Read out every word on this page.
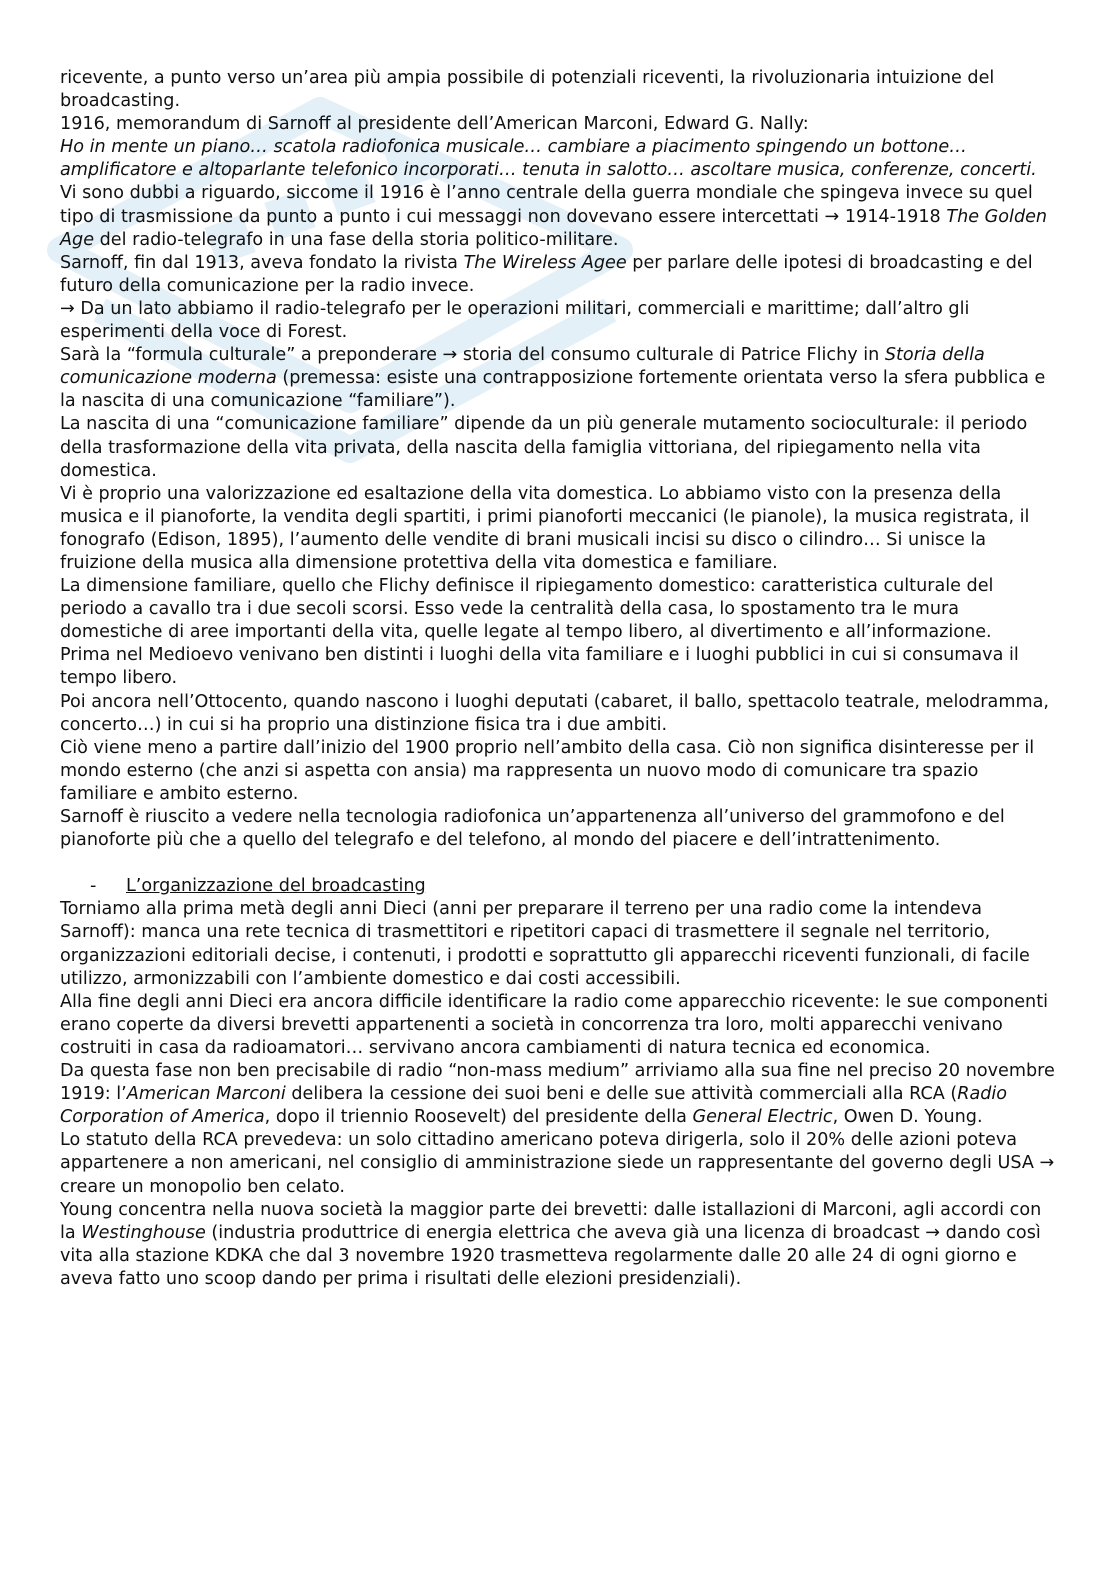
ricevente, a punto verso un’area più ampia possibile di potenziali riceventi, la rivoluzionaria intuizione del broadcasting.

1916, memorandum di Sarnoff al presidente dell’American Marconi, Edward G. Nally:

Ho in mente un piano… scatola radiofonica musicale… cambiare a piacimento spingendo un bottone… amplificatore e altoparlante telefonico incorporati… tenuta in salotto… ascoltare musica, conferenze, concerti.

Vi sono dubbi a riguardo, siccome il 1916 è l’anno centrale della guerra mondiale che spingeva invece su quel tipo di trasmissione da punto a punto i cui messaggi non dovevano essere intercettati → 1914-1918 The Golden Age del radio-telegrafo in una fase della storia politico-militare.

Sarnoff, fin dal 1913, aveva fondato la rivista The Wireless Agee per parlare delle ipotesi di broadcasting e del futuro della comunicazione per la radio invece.

→ Da un lato abbiamo il radio-telegrafo per le operazioni militari, commerciali e marittime; dall’altro gli esperimenti della voce di Forest.

Sarà la “formula culturale” a preponderare → storia del consumo culturale di Patrice Flichy in Storia della comunicazione moderna (premessa: esiste una contrapposizione fortemente orientata verso la sfera pubblica e la nascita di una comunicazione “familiare”).

La nascita di una “comunicazione familiare” dipende da un più generale mutamento socioculturale: il periodo della trasformazione della vita privata, della nascita della famiglia vittoriana, del ripiegamento nella vita domestica.

Vi è proprio una valorizzazione ed esaltazione della vita domestica. Lo abbiamo visto con la presenza della musica e il pianoforte, la vendita degli spartiti, i primi pianoforti meccanici (le pianole), la musica registrata, il fonografo (Edison, 1895), l’aumento delle vendite di brani musicali incisi su disco o cilindro… Si unisce la fruizione della musica alla dimensione protettiva della vita domestica e familiare.

La dimensione familiare, quello che Flichy definisce il ripiegamento domestico: caratteristica culturale del periodo a cavallo tra i due secoli scorsi. Esso vede la centralità della casa, lo spostamento tra le mura domestiche di aree importanti della vita, quelle legate al tempo libero, al divertimento e all’informazione.

Prima nel Medioevo venivano ben distinti i luoghi della vita familiare e i luoghi pubblici in cui si consumava il tempo libero.

Poi ancora nell’Ottocento, quando nascono i luoghi deputati (cabaret, il ballo, spettacolo teatrale, melodramma, concerto…) in cui si ha proprio una distinzione fisica tra i due ambiti.

Ciò viene meno a partire dall’inizio del 1900 proprio nell’ambito della casa. Ciò non significa disinteresse per il mondo esterno (che anzi si aspetta con ansia) ma rappresenta un nuovo modo di comunicare tra spazio familiare e ambito esterno.

Sarnoff è riuscito a vedere nella tecnologia radiofonica un’appartenenza all’universo del grammofono e del pianoforte più che a quello del telegrafo e del telefono, al mondo del piacere e dell’intrattenimento.

-	L’organizzazione del broadcasting

Torniamo alla prima metà degli anni Dieci (anni per preparare il terreno per una radio come la intendeva Sarnoff): manca una rete tecnica di trasmettitori e ripetitori capaci di trasmettere il segnale nel territorio, organizzazioni editoriali decise, i contenuti, i prodotti e soprattutto gli apparecchi riceventi funzionali, di facile utilizzo, armonizzabili con l’ambiente domestico e dai costi accessibili.

Alla fine degli anni Dieci era ancora difficile identificare la radio come apparecchio ricevente: le sue componenti erano coperte da diversi brevetti appartenenti a società in concorrenza tra loro, molti apparecchi venivano costruiti in casa da radioamatori… servivano ancora cambiamenti di natura tecnica ed economica.

Da questa fase non ben precisabile di radio “non-mass medium” arriviamo alla sua fine nel preciso 20 novembre 1919: l’American Marconi delibera la cessione dei suoi beni e delle sue attività commerciali alla RCA (Radio Corporation of America, dopo il triennio Roosevelt) del presidente della General Electric, Owen D. Young.

Lo statuto della RCA prevedeva: un solo cittadino americano poteva dirigerla, solo il 20% delle azioni poteva appartenere a non americani, nel consiglio di amministrazione siede un rappresentante del governo degli USA → creare un monopolio ben celato.

Young concentra nella nuova società la maggior parte dei brevetti: dalle istallazioni di Marconi, agli accordi con la Westinghouse (industria produttrice di energia elettrica che aveva già una licenza di broadcast → dando così vita alla stazione KDKA che dal 3 novembre 1920 trasmetteva regolarmente dalle 20 alle 24 di ogni giorno e aveva fatto uno scoop dando per prima i risultati delle elezioni presidenziali).
